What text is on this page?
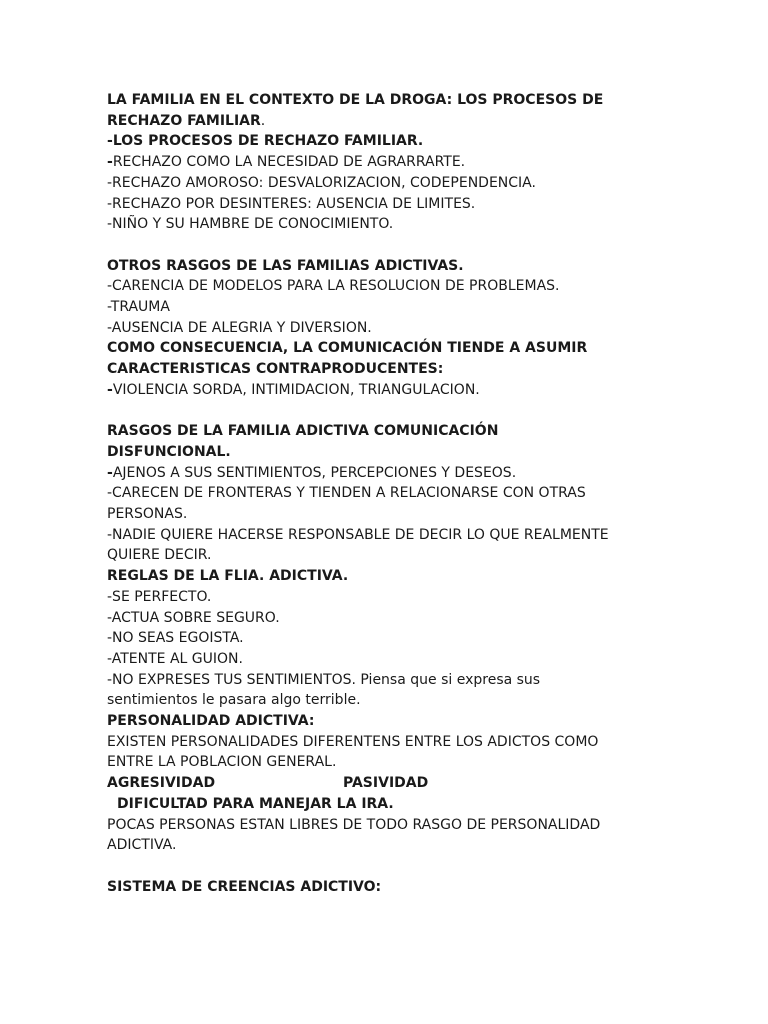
LA FAMILIA EN EL CONTEXTO DE LA DROGA: LOS PROCESOS DE
RECHAZO FAMILIAR.
-LOS PROCESOS DE RECHAZO FAMILIAR.
-RECHAZO COMO LA NECESIDAD DE AGRARRARTE.
-RECHAZO AMOROSO: DESVALORIZACION, CODEPENDENCIA.
-RECHAZO POR DESINTERES: AUSENCIA DE LIMITES.
-NIÑO Y SU HAMBRE DE CONOCIMIENTO.
OTROS RASGOS DE LAS FAMILIAS ADICTIVAS.
-CARENCIA DE MODELOS PARA LA RESOLUCION DE PROBLEMAS.
-TRAUMA
-AUSENCIA DE ALEGRIA Y DIVERSION.
COMO CONSECUENCIA, LA COMUNICACIÓN TIENDE A ASUMIR
CARACTERISTICAS CONTRAPRODUCENTES:
-VIOLENCIA SORDA, INTIMIDACION, TRIANGULACION.
RASGOS DE LA FAMILIA ADICTIVA COMUNICACIÓN
DISFUNCIONAL.
-AJENOS A SUS SENTIMIENTOS, PERCEPCIONES Y DESEOS.
-CARECEN DE FRONTERAS Y TIENDEN A RELACIONARSE CON OTRAS
PERSONAS.
-NADIE QUIERE HACERSE RESPONSABLE DE DECIR LO QUE REALMENTE
QUIERE DECIR.
REGLAS DE LA FLIA. ADICTIVA.
-SE PERFECTO.
-ACTUA SOBRE SEGURO.
-NO SEAS EGOISTA.
-ATENTE AL GUION.
-NO EXPRESES TUS SENTIMIENTOS. Piensa que si expresa sus
sentimientos le pasara algo terrible.
PERSONALIDAD ADICTIVA:
EXISTEN PERSONALIDADES DIFERENTENS ENTRE LOS ADICTOS COMO
ENTRE LA POBLACION GENERAL.
AGRESIVIDAD	PASIVIDAD
DIFICULTAD PARA MANEJAR LA IRA.
POCAS PERSONAS ESTAN LIBRES DE TODO RASGO DE PERSONALIDAD
ADICTIVA.
SISTEMA DE CREENCIAS ADICTIVO:
